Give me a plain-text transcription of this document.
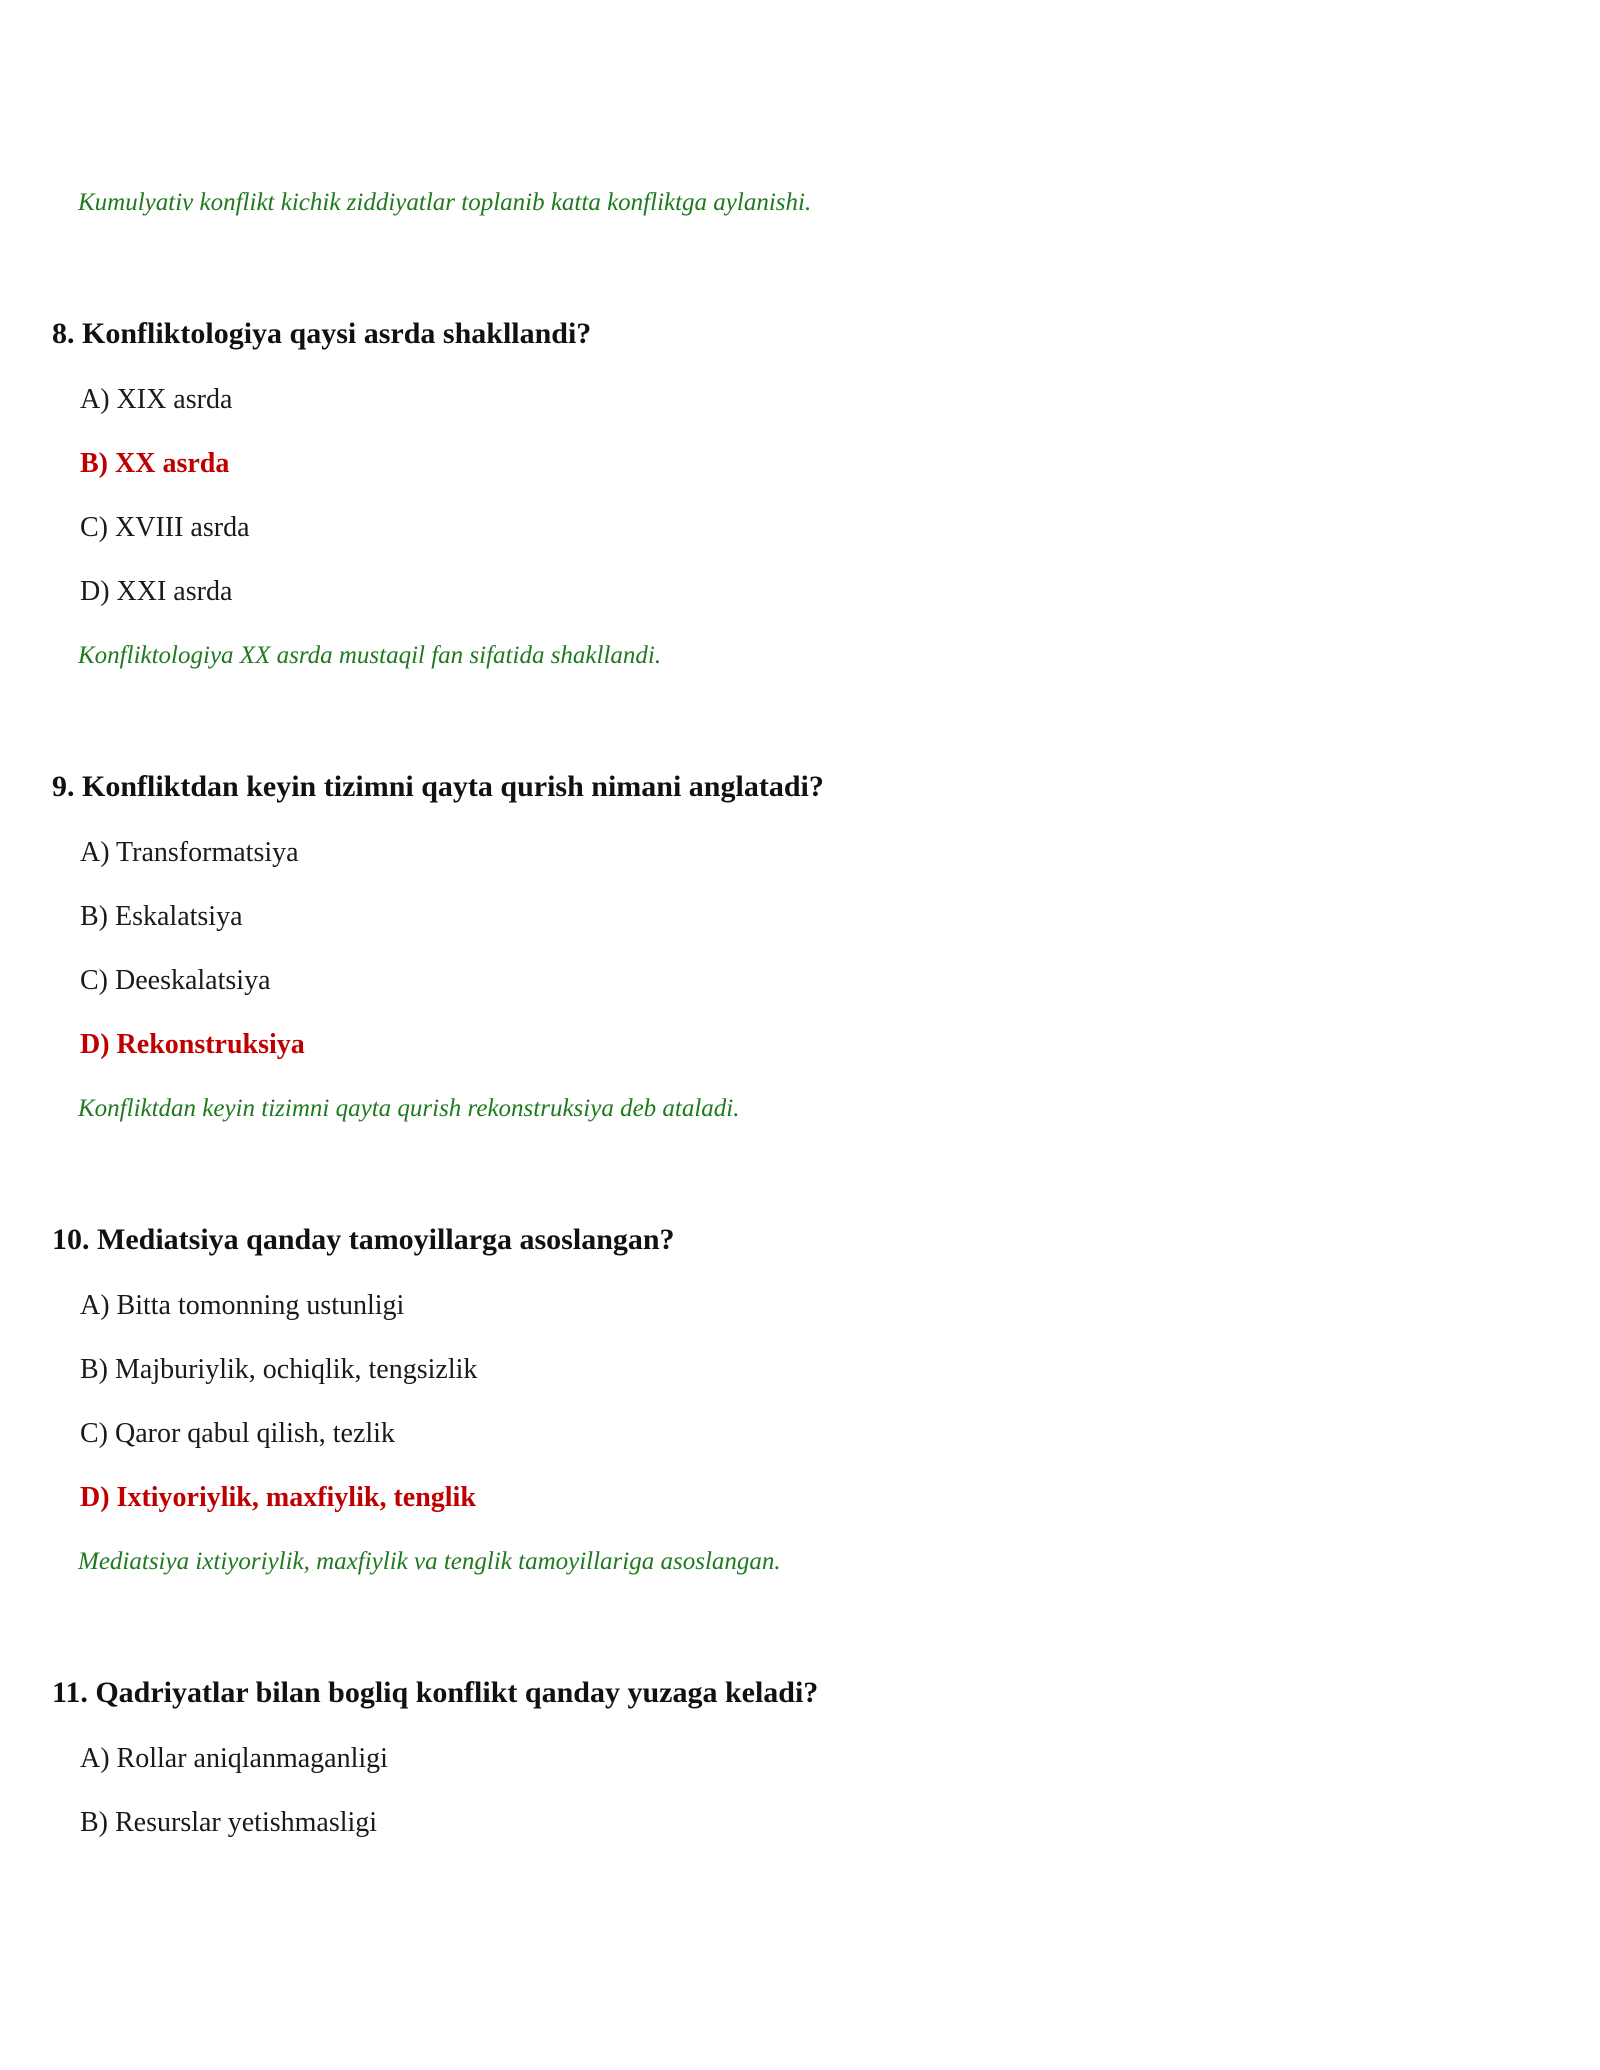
Kumulyativ konflikt kichik ziddiyatlar toplanib katta konfliktga aylanishi.
8. Konfliktologiya qaysi asrda shakllandi?
A) XIX asrda
B) XX asrda
C) XVIII asrda
D) XXI asrda
Konfliktologiya XX asrda mustaqil fan sifatida shakllandi.
9. Konfliktdan keyin tizimni qayta qurish nimani anglatadi?
A) Transformatsiya
B) Eskalatsiya
C) Deeskalatsiya
D) Rekonstruksiya
Konfliktdan keyin tizimni qayta qurish rekonstruksiya deb ataladi.
10. Mediatsiya qanday tamoyillarga asoslangan?
A) Bitta tomonning ustunligi
B) Majburiylik, ochiqlik, tengsizlik
C) Qaror qabul qilish, tezlik
D) Ixtiyoriylik, maxfiylik, tenglik
Mediatsiya ixtiyoriylik, maxfiylik va tenglik tamoyillariga asoslangan.
11. Qadriyatlar bilan bogliq konflikt qanday yuzaga keladi?
A) Rollar aniqlanmaganligi
B) Resurslar yetishmasligi
